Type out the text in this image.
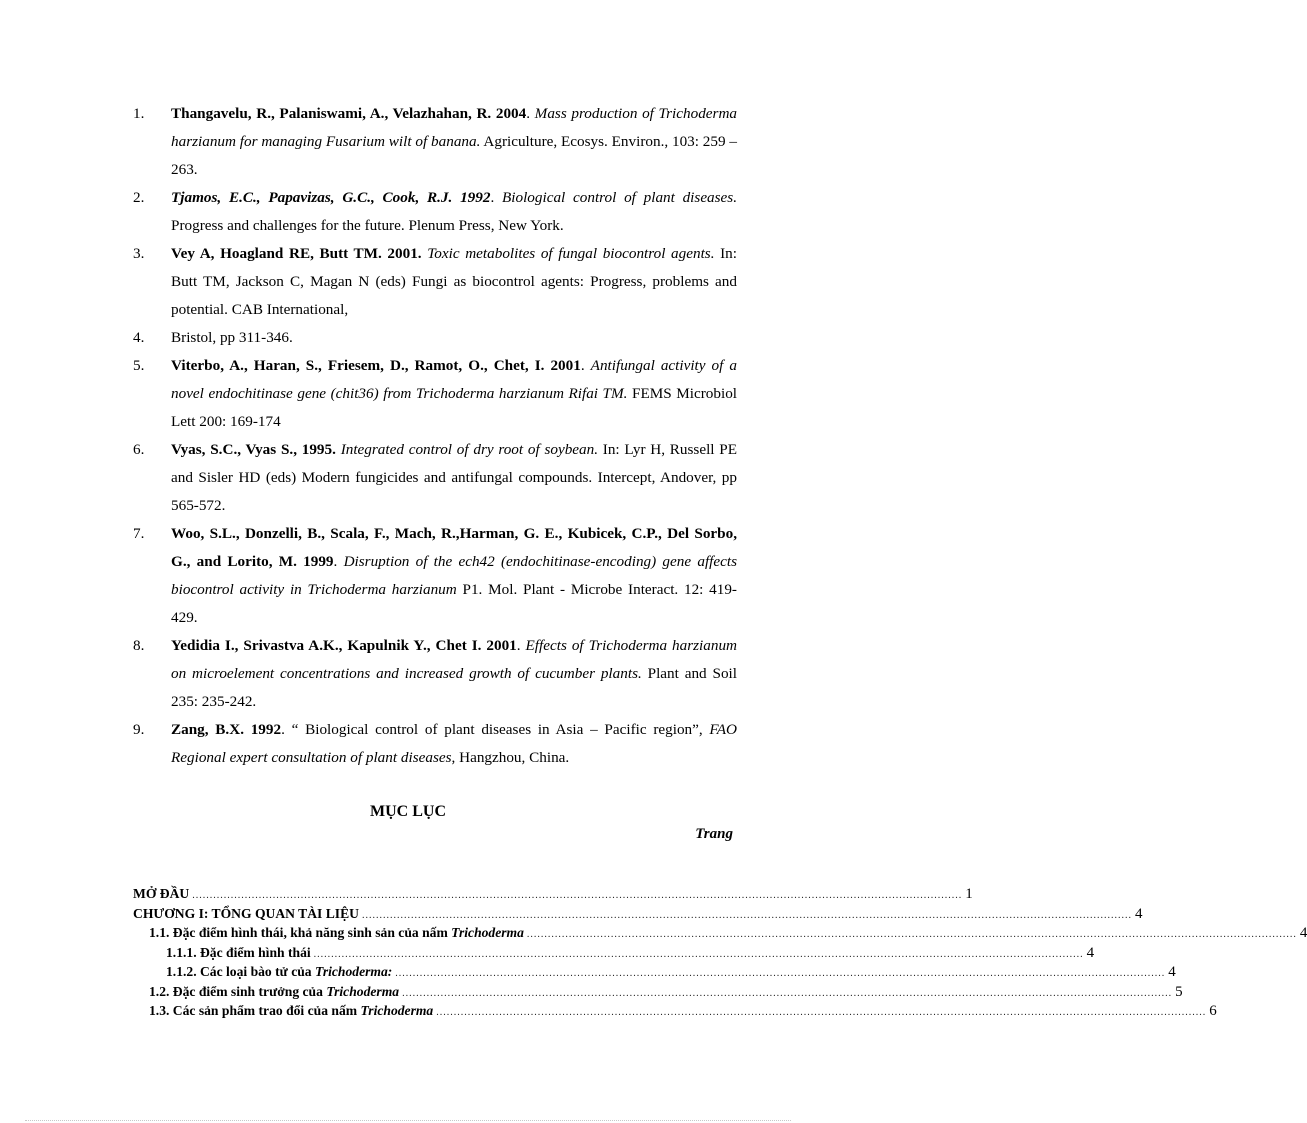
1. Thangavelu, R., Palaniswami, A., Velazhahan, R. 2004. Mass production of Trichoderma harzianum for managing Fusarium wilt of banana. Agriculture, Ecosys. Environ., 103: 259 – 263.
2. Tjamos, E.C., Papavizas, G.C., Cook, R.J. 1992. Biological control of plant diseases. Progress and challenges for the future. Plenum Press, New York.
3. Vey A, Hoagland RE, Butt TM. 2001. Toxic metabolites of fungal biocontrol agents. In: Butt TM, Jackson C, Magan N (eds) Fungi as biocontrol agents: Progress, problems and potential. CAB International,
4. Bristol, pp 311-346.
5. Viterbo, A., Haran, S., Friesem, D., Ramot, O., Chet, I. 2001. Antifungal activity of a novel endochitinase gene (chit36) from Trichoderma harzianum Rifai TM. FEMS Microbiol Lett 200: 169-174
6. Vyas, S.C., Vyas S., 1995. Integrated control of dry root of soybean. In: Lyr H, Russell PE and Sisler HD (eds) Modern fungicides and antifungal compounds. Intercept, Andover, pp 565-572.
7. Woo, S.L., Donzelli, B., Scala, F., Mach, R.,Harman, G. E., Kubicek, C.P., Del Sorbo, G., and Lorito, M. 1999. Disruption of the ech42 (endochitinase-encoding) gene affects biocontrol activity in Trichoderma harzianum P1. Mol. Plant - Microbe Interact. 12: 419-429.
8. Yedidia I., Srivastva A.K., Kapulnik Y., Chet I. 2001. Effects of Trichoderma harzianum on microelement concentrations and increased growth of cucumber plants. Plant and Soil 235: 235-242.
9. Zang, B.X. 1992. “ Biological control of plant diseases in Asia – Pacific region”, FAO Regional expert consultation of plant diseases, Hangzhou, China.
MỤC LỤC
Trang
MỞ ĐẦU ............................................................................................................................................................................................................................ 1
CHƯƠNG I: TỔNG QUAN TÀI LIỆU ............................................................................................................................................................................................................................ 4
1.1. Đặc điểm hình thái, khả năng sinh sản của nấm Trichoderma ............................................................................................................................................................................................................................ 4
1.1.1. Đặc điểm hình thái ............................................................................................................................................................................................................................ 4
1.1.2. Các loại bào tử của Trichoderma: ............................................................................................................................................................................................................................ 4
1.2. Đặc điểm sinh trưởng của Trichoderma ............................................................................................................................................................................................................................ 5
1.3. Các sản phẩm trao đổi của nấm Trichoderma ............................................................................................................................................................................................................................ 6
